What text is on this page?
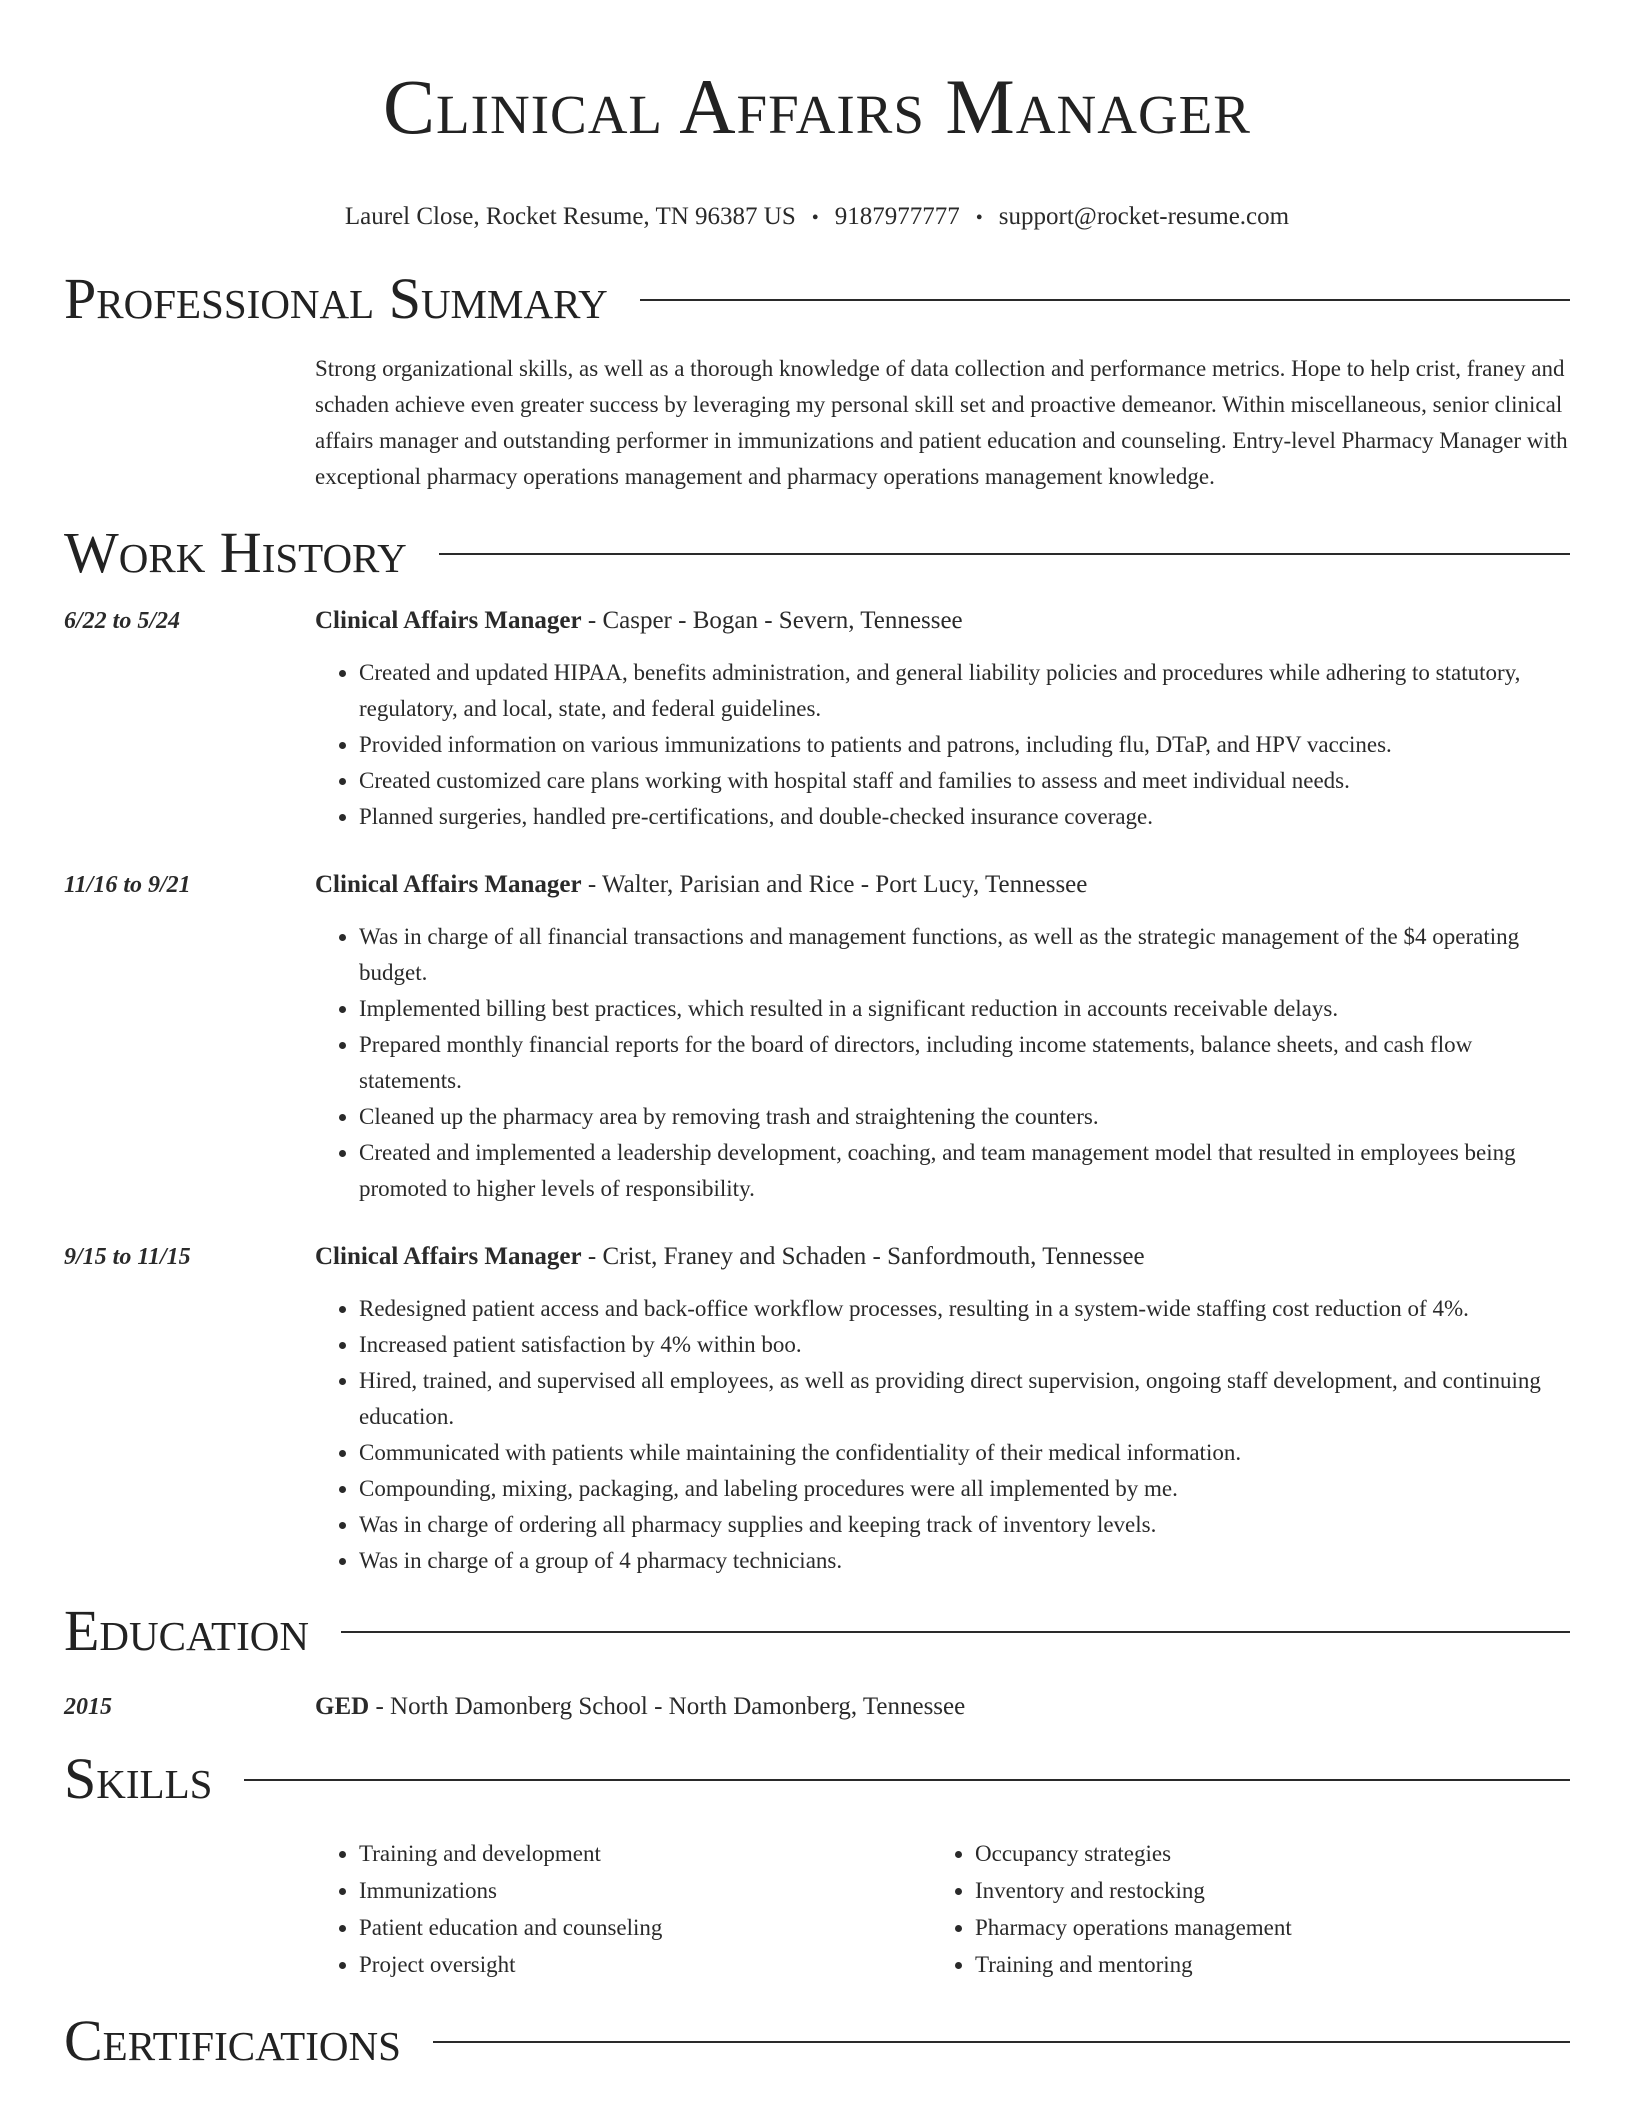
Clinical Affairs Manager
Laurel Close, Rocket Resume, TN 96387 US • 9187977777 • support@rocket-resume.com
Professional Summary
Strong organizational skills, as well as a thorough knowledge of data collection and performance metrics. Hope to help crist, franey and schaden achieve even greater success by leveraging my personal skill set and proactive demeanor. Within miscellaneous, senior clinical affairs manager and outstanding performer in immunizations and patient education and counseling. Entry-level Pharmacy Manager with exceptional pharmacy operations management and pharmacy operations management knowledge.
Work History
6/22 to 5/24	Clinical Affairs Manager - Casper - Bogan - Severn, Tennessee
• Created and updated HIPAA, benefits administration, and general liability policies and procedures while adhering to statutory, regulatory, and local, state, and federal guidelines.
• Provided information on various immunizations to patients and patrons, including flu, DTaP, and HPV vaccines.
• Created customized care plans working with hospital staff and families to assess and meet individual needs.
• Planned surgeries, handled pre-certifications, and double-checked insurance coverage.
11/16 to 9/21	Clinical Affairs Manager - Walter, Parisian and Rice - Port Lucy, Tennessee
• Was in charge of all financial transactions and management functions, as well as the strategic management of the $4 operating budget.
• Implemented billing best practices, which resulted in a significant reduction in accounts receivable delays.
• Prepared monthly financial reports for the board of directors, including income statements, balance sheets, and cash flow statements.
• Cleaned up the pharmacy area by removing trash and straightening the counters.
• Created and implemented a leadership development, coaching, and team management model that resulted in employees being promoted to higher levels of responsibility.
9/15 to 11/15	Clinical Affairs Manager - Crist, Franey and Schaden - Sanfordmouth, Tennessee
• Redesigned patient access and back-office workflow processes, resulting in a system-wide staffing cost reduction of 4%.
• Increased patient satisfaction by 4% within boo.
• Hired, trained, and supervised all employees, as well as providing direct supervision, ongoing staff development, and continuing education.
• Communicated with patients while maintaining the confidentiality of their medical information.
• Compounding, mixing, packaging, and labeling procedures were all implemented by me.
• Was in charge of ordering all pharmacy supplies and keeping track of inventory levels.
• Was in charge of a group of 4 pharmacy technicians.
Education
2015	GED - North Damonberg School - North Damonberg, Tennessee
Skills
• Training and development
• Immunizations
• Patient education and counseling
• Project oversight
• Occupancy strategies
• Inventory and restocking
• Pharmacy operations management
• Training and mentoring
Certifications
